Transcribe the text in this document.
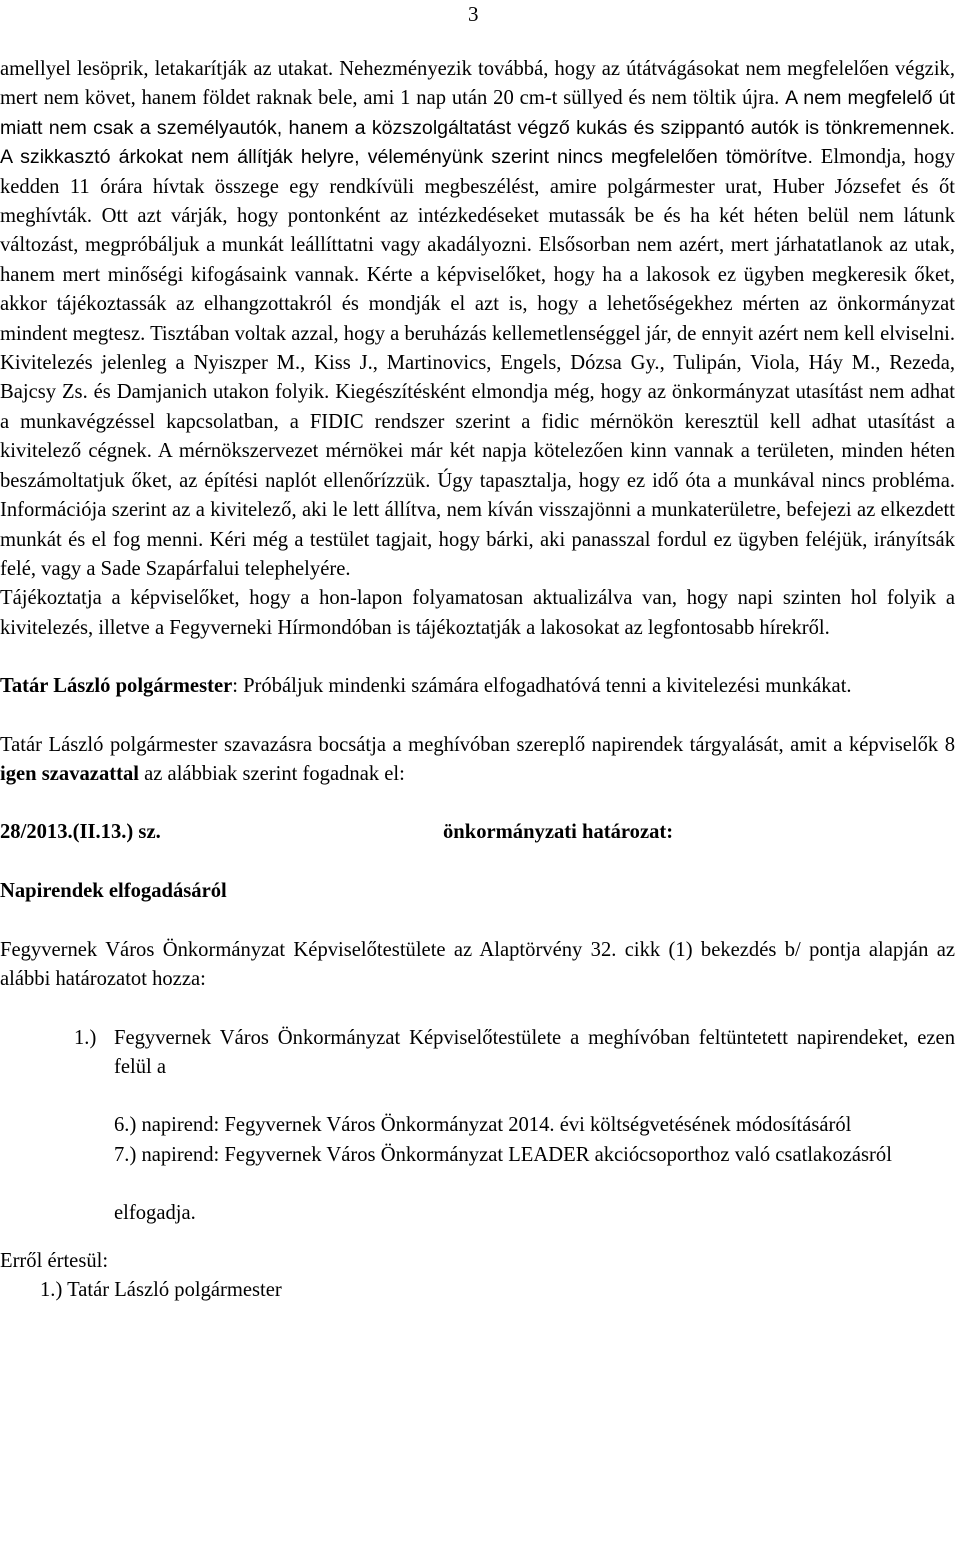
3

amellyel lesöprik, letakarítják az utakat. Nehezményezik továbbá, hogy az útátvágásokat nem megfelelően végzik, mert nem követ, hanem földet raknak bele, ami 1 nap után 20 cm-t süllyed és nem töltik újra. A nem megfelelő út miatt nem csak a személyautók, hanem a közszolgáltatást végző kukás és szippantó autók is tönkremennek. A szikkasztó árkokat nem állítják helyre, véleményünk szerint nincs megfelelően tömörítve. Elmondja, hogy kedden 11 órára hívtak összege egy rendkívüli megbeszélést, amire polgármester urat, Huber Józsefet és őt meghívták. Ott azt várják, hogy pontonként az intézkedéseket mutassák be és ha két héten belül nem látunk változást, megpróbáljuk a munkát leállíttatni vagy akadályozni. Elsősorban nem azért, mert járhatatlanok az utak, hanem mert minőségi kifogásaink vannak. Kérte a képviselőket, hogy ha a lakosok ez ügyben megkeresik őket, akkor tájékoztassák az elhangzottakról és mondják el azt is, hogy a lehetőségekhez mérten az önkormányzat mindent megtesz. Tisztában voltak azzal, hogy a beruházás kellemetlenséggel jár, de ennyit azért nem kell elviselni. Kivitelezés jelenleg a Nyiszper M., Kiss J., Martinovics, Engels, Dózsa Gy., Tulipán, Viola, Háy M., Rezeda, Bajcsy Zs. és Damjanich utakon folyik. Kiegészítésként elmondja még, hogy az önkormányzat utasítást nem adhat a munkavégzéssel kapcsolatban, a FIDIC rendszer szerint a fidic mérnökön keresztül kell adhat utasítást a kivitelező cégnek. A mérnökszervezet mérnökei már két napja kötelezően kinn vannak a területen, minden héten beszámoltatjuk őket, az építési naplót ellenőrízzük. Úgy tapasztalja, hogy ez idő óta a munkával nincs probléma. Információja szerint az a kivitelező, aki le lett állítva, nem kíván visszajönni a munkaterületre, befejezi az elkezdett munkát és el fog menni. Kéri még a testület tagjait, hogy bárki, aki panasszal fordul ez ügyben feléjük, irányítsák felé, vagy a Sade Szapárfalui telephelyére.

Tájékoztatja a képviselőket, hogy a hon-lapon folyamatosan aktualizálva van, hogy napi szinten hol folyik a kivitelezés, illetve a Fegyverneki Hírmondóban is tájékoztatják a lakosokat az legfontosabb hírekről.

Tatár László polgármester: Próbáljuk mindenki számára elfogadhatóvá tenni a kivitelezési munkákat.

Tatár László polgármester szavazásra bocsátja a meghívóban szereplő napirendek tárgyalását, amit a képviselők 8 igen szavazattal az alábbiak szerint fogadnak el:

28/2013.(II.13.) sz.	önkormányzati határozat:
Napirendek elfogadásáról

Fegyvernek Város Önkormányzat Képviselőtestülete az Alaptörvény 32. cikk (1) bekezdés b/ pontja alapján az alábbi határozatot hozza:

1.) Fegyvernek Város Önkormányzat Képviselőtestülete a meghívóban feltüntetett napirendeket, ezen felül a
6.) napirend: Fegyvernek Város Önkormányzat 2014. évi költségvetésének módosításáról
7.) napirend: Fegyvernek Város Önkormányzat LEADER akciócsoporthoz való csatlakozásról
elfogadja.
Erről értesül:
1.) Tatár László polgármester
